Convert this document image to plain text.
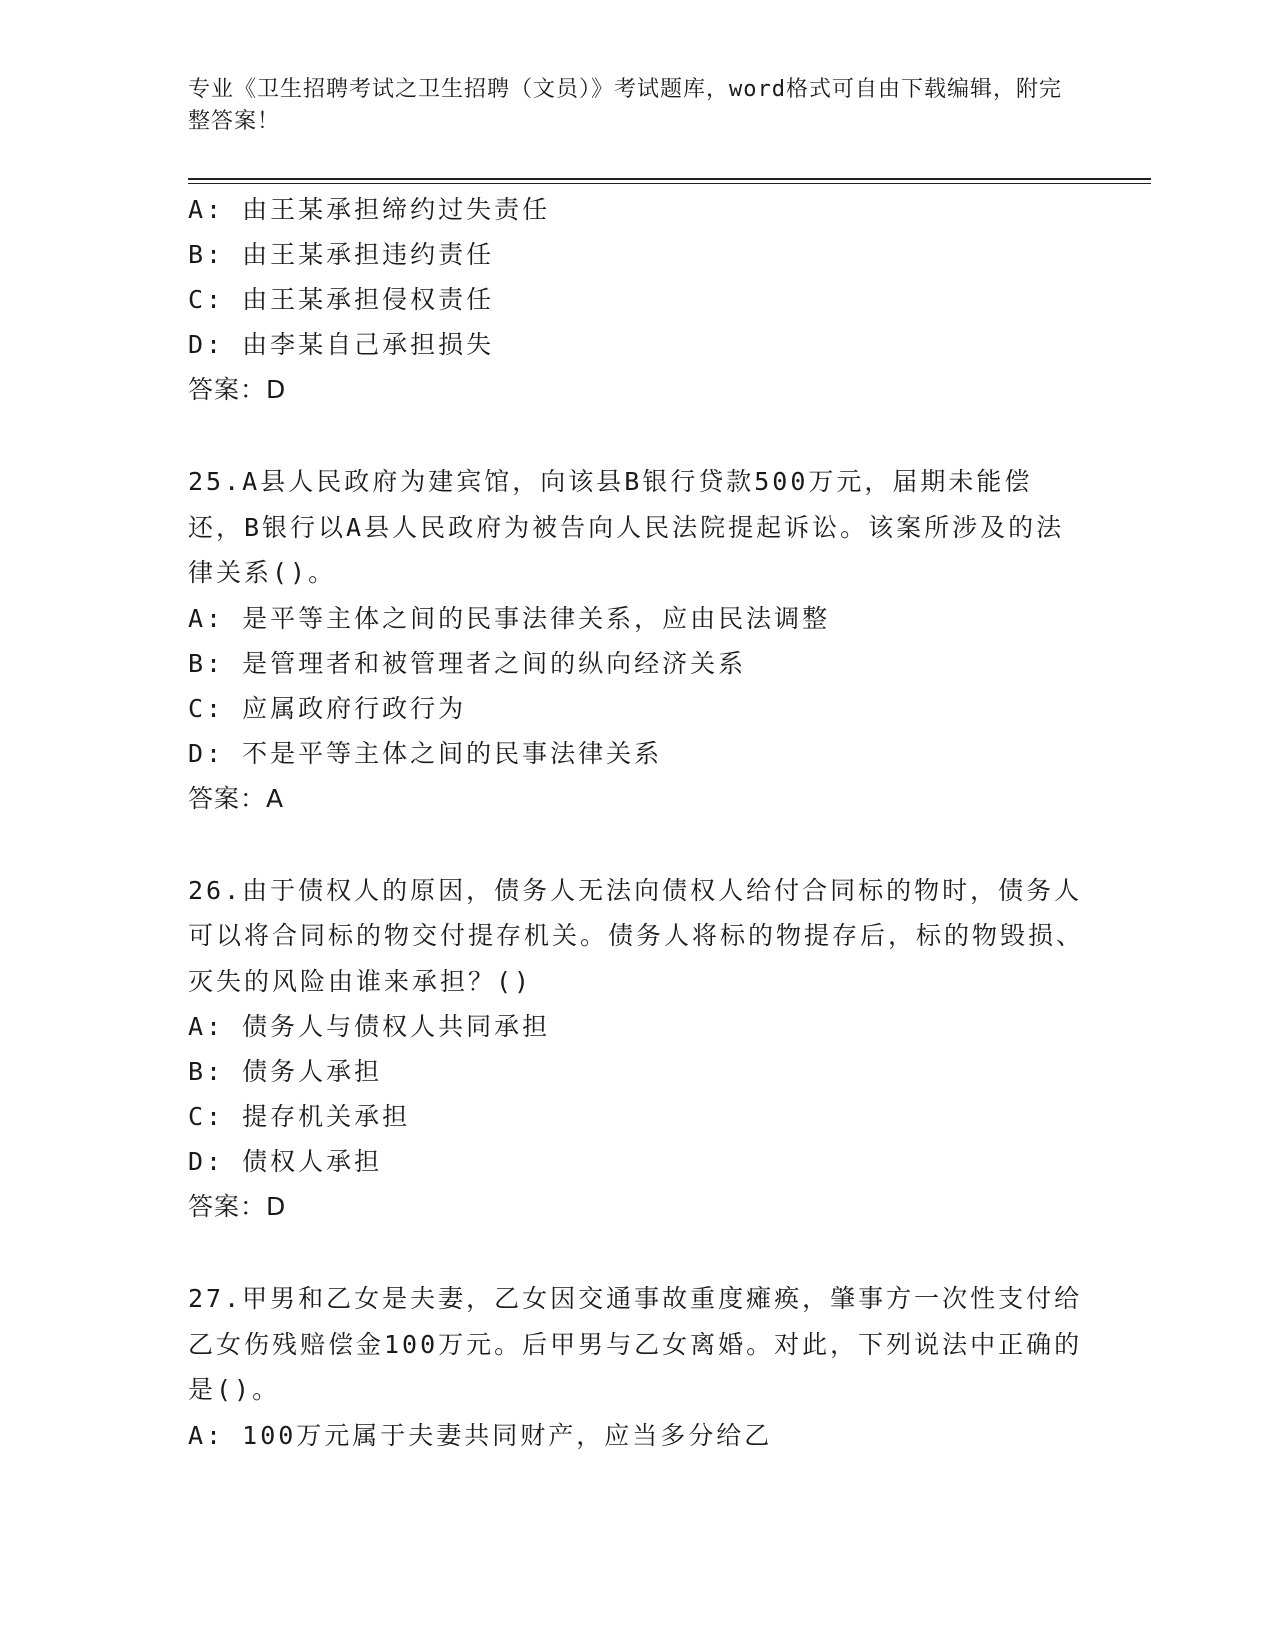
专业《卫生招聘考试之卫生招聘（文员）》考试题库，word格式可自由下载编辑，附完整答案！
A: 由王某承担缔约过失责任
B: 由王某承担违约责任
C: 由王某承担侵权责任
D: 由李某自己承担损失
答案：D
25.A县人民政府为建宾馆，向该县B银行贷款500万元，届期未能偿还，B银行以A县人民政府为被告向人民法院提起诉讼。该案所涉及的法律关系()。
A: 是平等主体之间的民事法律关系，应由民法调整
B: 是管理者和被管理者之间的纵向经济关系
C: 应属政府行政行为
D: 不是平等主体之间的民事法律关系
答案：A
26.由于债权人的原因，债务人无法向债权人给付合同标的物时，债务人可以将合同标的物交付提存机关。债务人将标的物提存后，标的物毁损、灭失的风险由谁来承担？()
A: 债务人与债权人共同承担
B: 债务人承担
C: 提存机关承担
D: 债权人承担
答案：D
27.甲男和乙女是夫妻，乙女因交通事故重度瘫痪，肇事方一次性支付给乙女伤残赔偿金100万元。后甲男与乙女离婚。对此，下列说法中正确的是()。
A: 100万元属于夫妻共同财产，应当多分给乙
